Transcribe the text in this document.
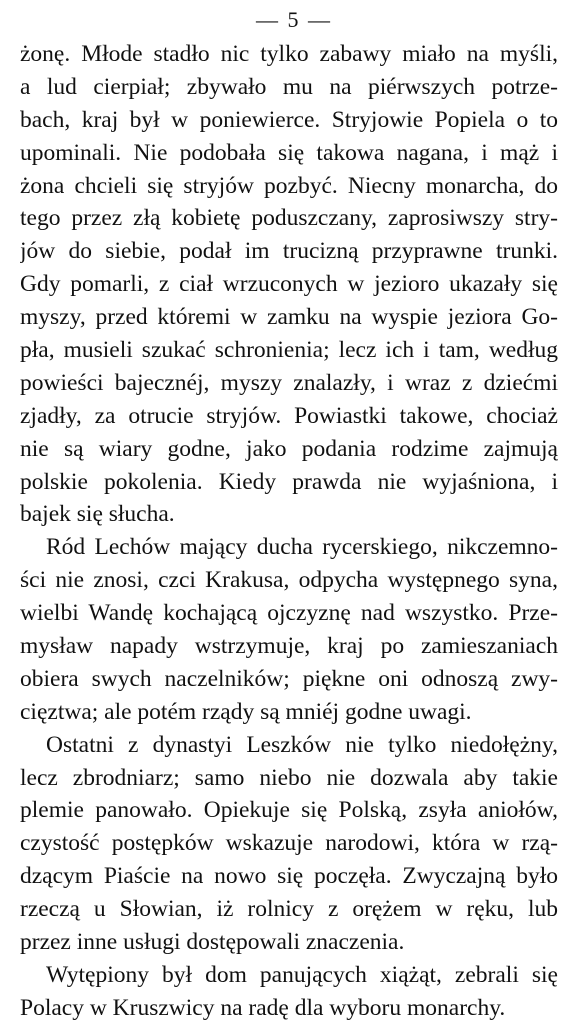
— 5 —
żonę. Młode stadło nic tylko zabawy miało na myśli,
a lud cierpiał; zbywało mu na piérwszych potrze-
bach, kraj był w poniewierce. Stryjowie Popiela o to
upominali. Nie podobała się takowa nagana, i mąż i
żona chcieli się stryjów pozbyć. Niecny monarcha, do
tego przez złą kobietę poduszczany, zaprosiwszy stry-
jów do siebie, podał im trucizną przyprawne trunki.
Gdy pomarli, z ciał wrzuconych w jezioro ukazały się
myszy, przed któremi w zamku na wyspie jeziora Go-
pła, musieli szukać schronienia; lecz ich i tam, według
powieści bajecznéj, myszy znalazły, i wraz z dziećmi
zjadły, za otrucie stryjów. Powiastki takowe, chociaż
nie są wiary godne, jako podania rodzime zajmują
polskie pokolenia. Kiedy prawda nie wyjaśniona, i
bajek się słucha.
Ród Lechów mający ducha rycerskiego, nikczemno-
ści nie znosi, czci Krakusa, odpycha występnego syna,
wielbi Wandę kochającą ojczyznę nad wszystko. Prze-
mysław napady wstrzymuje, kraj po zamieszaniach
obiera swych naczelników; piękne oni odnoszą zwy-
cięztwa; ale potém rządy są mniéj godne uwagi.
Ostatni z dynastyi Leszków nie tylko niedołężny,
lecz zbrodniarz; samo niebo nie dozwala aby takie
plemie panowało. Opiekuje się Polską, zsyła aniołów,
czystość postępków wskazuje narodowi, która w rzą-
dzącym Piaście na nowo się poczęła. Zwyczajną było
rzeczą u Słowian, iż rolnicy z orężem w ręku, lub
przez inne usługi dostępowali znaczenia.
Wytępiony był dom panujących xiążąt, zebrali się
Polacy w Kruszwicy na radę dla wyboru monarchy.
